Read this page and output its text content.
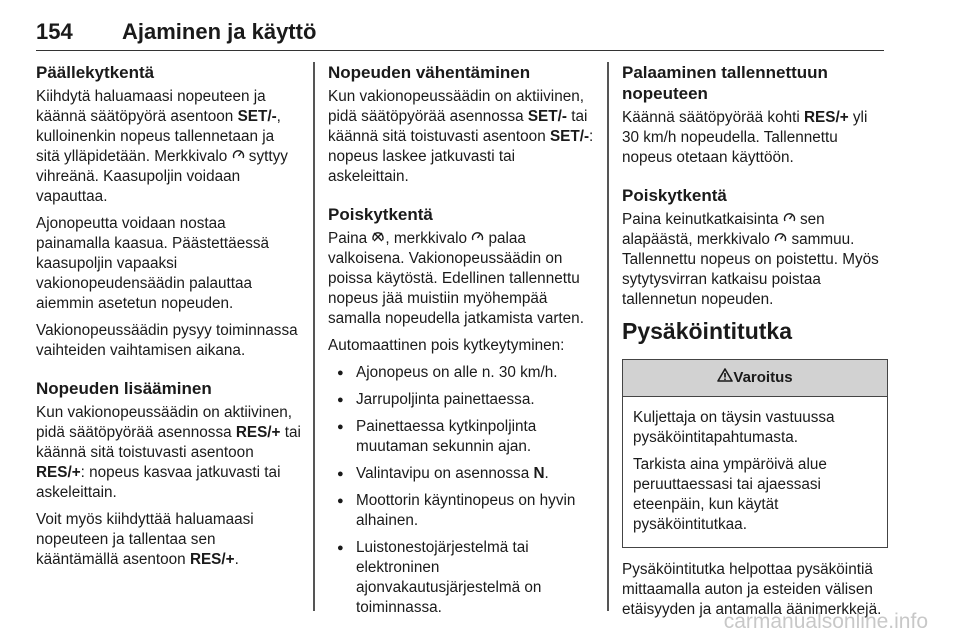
154 Ajaminen ja käyttö
Päällekytkentä

Kiihdytä haluamaasi nopeuteen ja käännä säätöpyörä asentoon SET/-, kulloinenkin nopeus tallennetaan ja sitä ylläpidetään. Merkkivalo  syttyy vihreänä. Kaasupoljin voidaan vapauttaa.

Ajonopeutta voidaan nostaa painamalla kaasua. Päästettäessä kaasupoljin vapaaksi vakionopeudensäädin palauttaa aiemmin asetetun nopeuden.

Vakionopeussäädin pysyy toiminnassa vaihteiden vaihtamisen aikana.

Nopeuden lisääminen

Kun vakionopeussäädin on aktiivinen, pidä säätöpyörää asennossa RES/+ tai käännä sitä toistuvasti asentoon RES/+: nopeus kasvaa jatkuvasti tai askeleittain.

Voit myös kiihdyttää haluamaasi nopeuteen ja tallentaa sen kääntämällä asentoon RES/+.

Nopeuden vähentäminen

Kun vakionopeussäädin on aktiivinen, pidä säätöpyörää asennossa SET/- tai käännä sitä toistuvasti asentoon SET/-: nopeus laskee jatkuvasti tai askeleittain.

Poiskytkentä

Paina , merkkivalo  palaa valkoisena. Vakionopeussäädin on poissa käytöstä. Edellinen tallennettu nopeus jää muistiin myöhempää samalla nopeudella jatkamista varten.

Automaattinen pois kytkeytyminen:

● Ajonopeus on alle n. 30 km/h.
● Jarrupoljinta painettaessa.
● Painettaessa kytkinpoljinta muutaman sekunnin ajan.
● Valintavipu on asennossa N.
● Moottorin käyntinopeus on hyvin alhainen.
● Luistonestojärjestelmä tai elektroninen ajonvakautusjärjestelmä on toiminnassa.
Palaaminen tallennettuun nopeuteen

Käännä säätöpyörää kohti RES/+ yli 30 km/h nopeudella. Tallennettu nopeus otetaan käyttöön.

Poiskytkentä

Paina keinutkatkaisinta  sen alapäästä, merkkivalo  sammuu. Tallennettu nopeus on poistettu. Myös sytytysvirran katkaisu poistaa tallennetun nopeuden.

Pysäköintitutka
Varoitus

Kuljettaja on täysin vastuussa pysäköintitapahtumasta.

Tarkista aina ympäröivä alue peruuttaessasi tai ajaessasi eteenpäin, kun käytät pysäköintitutkaa.

Pysäköintitutka helpottaa pysäköintiä mittaamalla auton ja esteiden välisen etäisyyden ja antamalla äänimerkkejä.

carmanualsonline.info
